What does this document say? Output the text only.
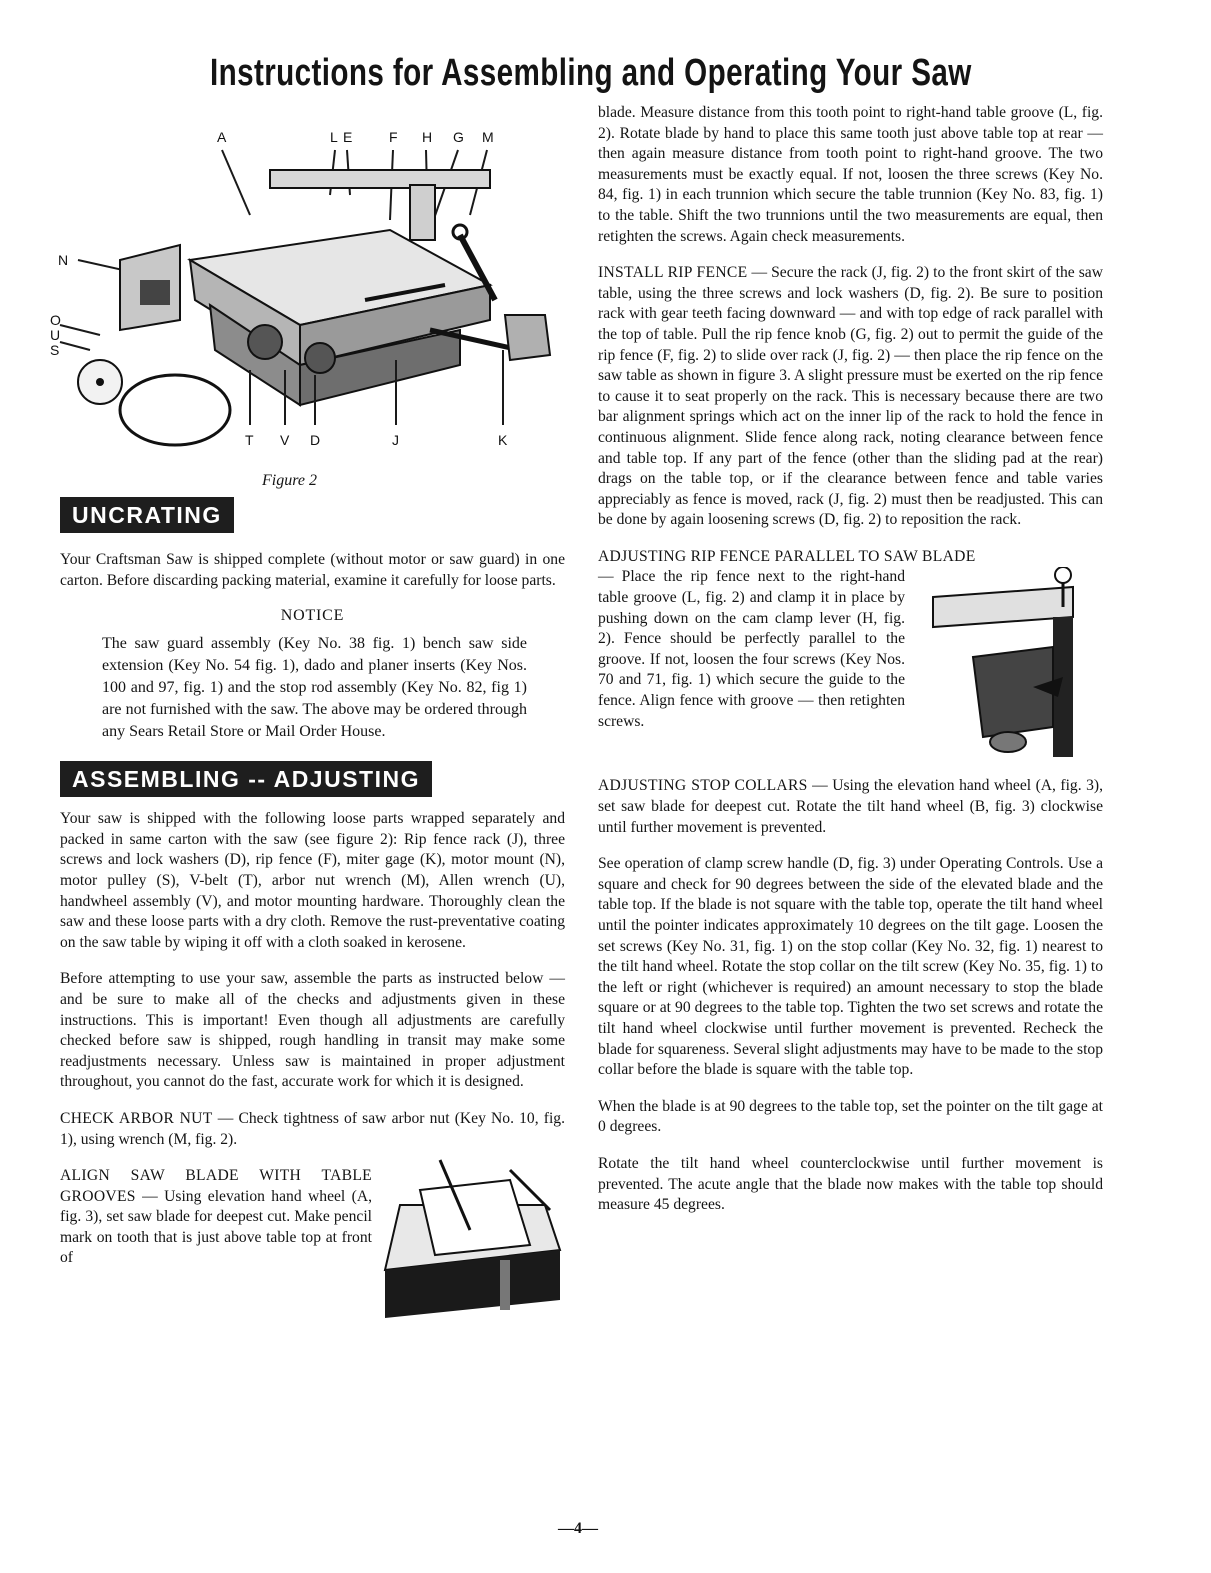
Instructions for Assembling and Operating Your Saw
A	L E	F H G M
N
O
U
S
T V D	J	K
Figure 2
UNCRATING

Your Craftsman Saw is shipped complete (without motor or saw guard) in one carton. Before discarding packing material, examine it carefully for loose parts.

NOTICE

The saw guard assembly (Key No. 38 fig. 1) bench saw side extension (Key No. 54 fig. 1), dado and planer inserts (Key Nos. 100 and 97, fig. 1) and the stop rod assembly (Key No. 82, fig 1) are not furnished with the saw. The above may be ordered through any Sears Retail Store or Mail Order House.

ASSEMBLING -- ADJUSTING

Your saw is shipped with the following loose parts wrapped separately and packed in same carton with the saw (see figure 2): Rip fence rack (J), three screws and lock washers (D), rip fence (F), miter gage (K), motor mount (N), motor pulley (S), V-belt (T), arbor nut wrench (M), Allen wrench (U), handwheel assembly (V), and motor mounting hardware. Thoroughly clean the saw and these loose parts with a dry cloth. Remove the rust-preventative coating on the saw table by wiping it off with a cloth soaked in kerosene.

Before attempting to use your saw, assemble the parts as instructed below — and be sure to make all of the checks and adjustments given in these instructions. This is important! Even though all adjustments are carefully checked before saw is shipped, rough handling in transit may make some readjustments necessary. Unless saw is maintained in proper adjustment throughout, you cannot do the fast, accurate work for which it is designed.

CHECK ARBOR NUT — Check tightness of saw arbor nut (Key No. 10, fig. 1), using wrench (M, fig. 2).

ALIGN SAW BLADE WITH TABLE GROOVES — Using elevation hand wheel (A, fig. 3), set saw blade for deepest cut. Make pencil mark on tooth that is just above table top at front of

blade. Measure distance from this tooth point to right-hand table groove (L, fig. 2). Rotate blade by hand to place this same tooth just above table top at rear — then again measure distance from tooth point to right-hand groove. The two measurements must be exactly equal. If not, loosen the three screws (Key No. 84, fig. 1) in each trunnion which secure the table trunnion (Key No. 83, fig. 1) to the table. Shift the two trunnions until the two measurements are equal, then retighten the screws. Again check measurements.

INSTALL RIP FENCE — Secure the rack (J, fig. 2) to the front skirt of the saw table, using the three screws and lock washers (D, fig. 2). Be sure to position rack with gear teeth facing downward — and with top edge of rack parallel with the top of table. Pull the rip fence knob (G, fig. 2) out to permit the guide of the rip fence (F, fig. 2) to slide over rack (J, fig. 2) — then place the rip fence on the saw table as shown in figure 3. A slight pressure must be exerted on the rip fence to cause it to seat properly on the rack. This is necessary because there are two bar alignment springs which act on the inner lip of the rack to hold the fence in continuous alignment. Slide fence along rack, noting clearance between fence and table top. If any part of the fence (other than the sliding pad at the rear) drags on the table top, or if the clearance between fence and table varies appreciably as fence is moved, rack (J, fig. 2) must then be readjusted. This can be done by again loosening screws (D, fig. 2) to reposition the rack.

ADJUSTING RIP FENCE PARALLEL TO SAW BLADE

— Place the rip fence next to the right-hand table groove (L, fig. 2) and clamp it in place by pushing down on the cam clamp lever (H, fig. 2). Fence should be perfectly parallel to the groove. If not, loosen the four screws (Key Nos. 70 and 71, fig. 1) which secure the guide to the fence. Align fence with groove — then retighten screws.

ADJUSTING STOP COLLARS — Using the elevation hand wheel (A, fig. 3), set saw blade for deepest cut. Rotate the tilt hand wheel (B, fig. 3) clockwise until further movement is prevented.

See operation of clamp screw handle (D, fig. 3) under Operating Controls. Use a square and check for 90 degrees between the side of the elevated blade and the table top. If the blade is not square with the table top, operate the tilt hand wheel until the pointer indicates approximately 10 degrees on the tilt gage. Loosen the set screws (Key No. 31, fig. 1) on the stop collar (Key No. 32, fig. 1) nearest to the tilt hand wheel. Rotate the stop collar on the tilt screw (Key No. 35, fig. 1) to the left or right (whichever is required) an amount necessary to stop the blade square or at 90 degrees to the table top. Tighten the two set screws and rotate the tilt hand wheel clockwise until further movement is prevented. Recheck the blade for squareness. Several slight adjustments may have to be made to the stop collar before the blade is square with the table top.

When the blade is at 90 degrees to the table top, set the pointer on the tilt gage at 0 degrees.

Rotate the tilt hand wheel counterclockwise until further movement is prevented. The acute angle that the blade now makes with the table top should measure 45 degrees.

—4—
